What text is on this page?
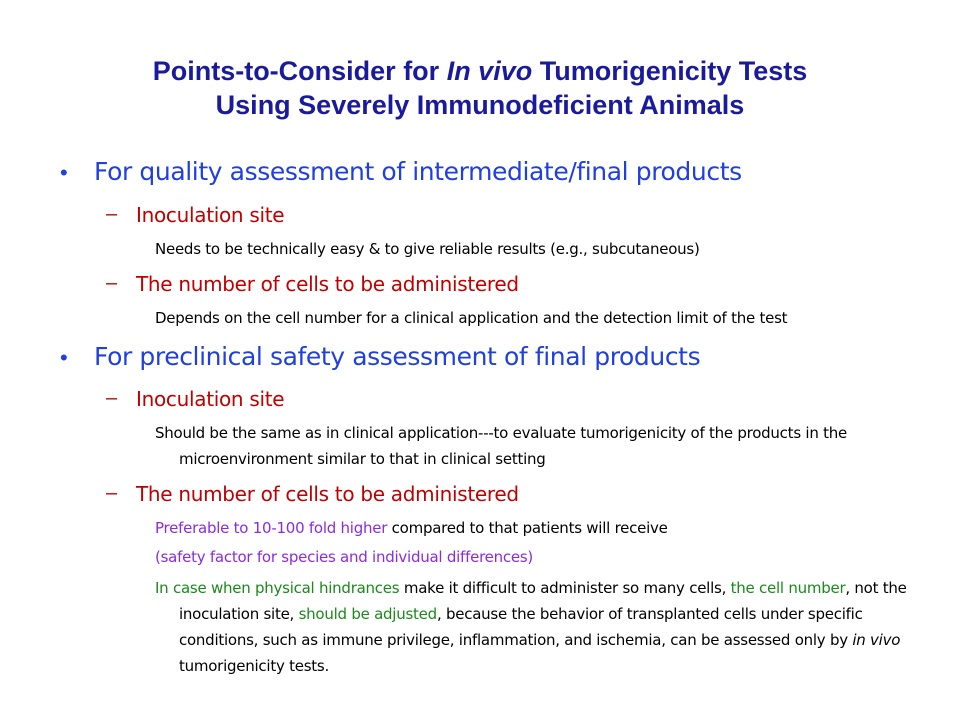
Points-to-Consider for In vivo Tumorigenicity Tests
Using Severely Immunodeficient Animals
• For quality assessment of intermediate/final products
– Inoculation site
Needs to be technically easy & to give reliable results (e.g., subcutaneous)
– The number of cells to be administered
Depends on the cell number for a clinical application and the detection limit of the test
• For preclinical safety assessment of final products
– Inoculation site
Should be the same as in clinical application---to evaluate tumorigenicity of the products in the microenvironment similar to that in clinical setting
– The number of cells to be administered
Preferable to 10-100 fold higher compared to that patients will receive
(safety factor for species and individual differences)
In case when physical hindrances make it difficult to administer so many cells, the cell number, not the inoculation site, should be adjusted, because the behavior of transplanted cells under specific conditions, such as immune privilege, inflammation, and ischemia, can be assessed only by in vivo tumorigenicity tests.
